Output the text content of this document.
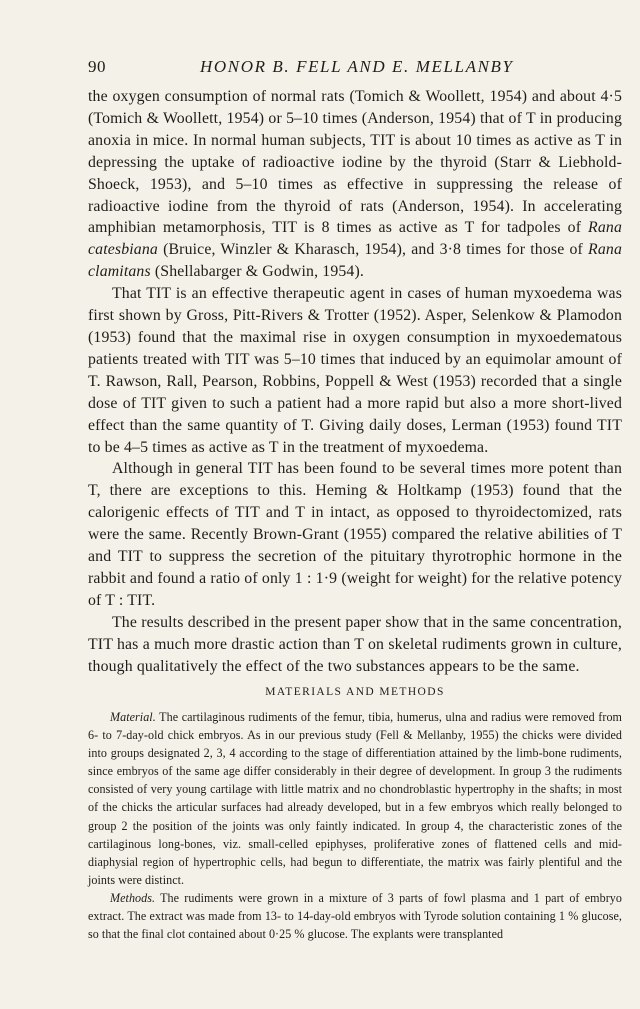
90	HONOR B. FELL AND E. MELLANBY

the oxygen consumption of normal rats (Tomich & Woollett, 1954) and about 4·5 (Tomich & Woollett, 1954) or 5–10 times (Anderson, 1954) that of T in producing anoxia in mice. In normal human subjects, TIT is about 10 times as active as T in depressing the uptake of radioactive iodine by the thyroid (Starr & Liebhold-Shoeck, 1953), and 5–10 times as effective in suppressing the release of radioactive iodine from the thyroid of rats (Anderson, 1954). In accelerating amphibian metamorphosis, TIT is 8 times as active as T for tadpoles of Rana catesbiana (Bruice, Winzler & Kharasch, 1954), and 3·8 times for those of Rana clamitans (Shellabarger & Godwin, 1954).

That TIT is an effective therapeutic agent in cases of human myxoedema was first shown by Gross, Pitt-Rivers & Trotter (1952). Asper, Selenkow & Plamodon (1953) found that the maximal rise in oxygen consumption in myxoedematous patients treated with TIT was 5–10 times that induced by an equimolar amount of T. Rawson, Rall, Pearson, Robbins, Poppell & West (1953) recorded that a single dose of TIT given to such a patient had a more rapid but also a more short-lived effect than the same quantity of T. Giving daily doses, Lerman (1953) found TIT to be 4–5 times as active as T in the treatment of myxoedema.

Although in general TIT has been found to be several times more potent than T, there are exceptions to this. Heming & Holtkamp (1953) found that the calorigenic effects of TIT and T in intact, as opposed to thyroidectomized, rats were the same. Recently Brown-Grant (1955) compared the relative abilities of T and TIT to suppress the secretion of the pituitary thyrotrophic hormone in the rabbit and found a ratio of only 1 : 1·9 (weight for weight) for the relative potency of T : TIT.

The results described in the present paper show that in the same concentration, TIT has a much more drastic action than T on skeletal rudiments grown in culture, though qualitatively the effect of the two substances appears to be the same.

MATERIALS AND METHODS

Material. The cartilaginous rudiments of the femur, tibia, humerus, ulna and radius were removed from 6- to 7-day-old chick embryos. As in our previous study (Fell & Mellanby, 1955) the chicks were divided into groups designated 2, 3, 4 according to the stage of differentiation attained by the limb-bone rudiments, since embryos of the same age differ considerably in their degree of development. In group 3 the rudiments consisted of very young cartilage with little matrix and no chondroblastic hypertrophy in the shafts; in most of the chicks the articular surfaces had already developed, but in a few embryos which really belonged to group 2 the position of the joints was only faintly indicated. In group 4, the characteristic zones of the cartilaginous long-bones, viz. small-celled epiphyses, proliferative zones of flattened cells and mid-diaphysial region of hypertrophic cells, had begun to differentiate, the matrix was fairly plentiful and the joints were distinct.

Methods. The rudiments were grown in a mixture of 3 parts of fowl plasma and 1 part of embryo extract. The extract was made from 13- to 14-day-old embryos with Tyrode solution containing 1 % glucose, so that the final clot contained about 0·25 % glucose. The explants were transplanted
